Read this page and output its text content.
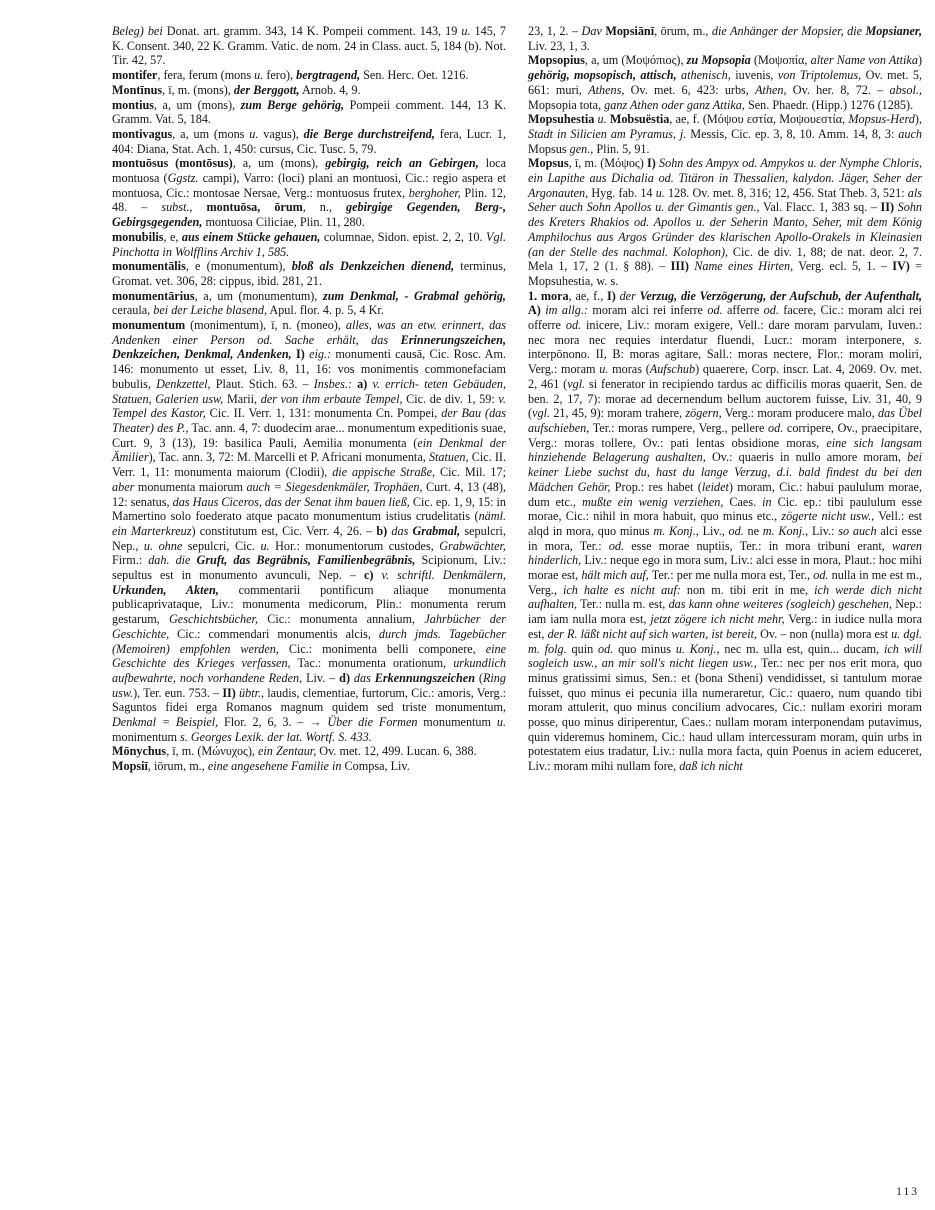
Beleg) bei Donat. art. gramm. 343, 14 K. Pompeii comment. 143, 19 u. 145, 7 K. Consent. 340, 22 K. Gramm. Vatic. de nom. 24 in Class. auct. 5, 184 (b). Not. Tir. 42, 57.

montifer, fera, ferum (mons u. fero), bergtragend, Sen. Herc. Oet. 1216.

Montīnus, ī, m. (mons), der Berggott, Arnob. 4, 9.

montius, a, um (mons), zum Berge gehörig, Pompeii comment. 144, 13 K. Gramm. Vat. 5, 184.

montivagus, a, um (mons u. vagus), die Berge durchstreifend, fera, Lucr. 1, 404: Diana, Stat. Ach. 1, 450: cursus, Cic. Tusc. 5, 79.

montuōsus (montōsus), a, um (mons), gebirgig, reich an Gebirgen, loca montuosa (Ggstz. campi), Varro: (loci) plani an montuosi, Cic.: regio aspera et montuosa, Cic.: montosae Nersae, Verg.: montuosus frutex, berghoher, Plin. 12, 48. – subst., montuōsa, ōrum, n., gebirgige Gegenden, Berg-, Gebirgsgegenden, montuosa Ciliciae, Plin. 11, 280.

monubilis, e, aus einem Stücke gehauen, columnae, Sidon. epist. 2, 2, 10. Vgl. Pinchotta in Wolfflins Archiv 1, 585.

monumentālis, e (monumentum), bloß als Denkzeichen dienend, terminus, Gromat. vet. 306, 28: cippus, ibid. 281, 21.

monumentārius, a, um (monumentum), zum Denkmal, - Grabmal gehörig, ceraula, bei der Leiche blasend, Apul. flor. 4. p. 5, 4 Kr.

monumentum (monimentum), ī, n. (moneo), alles, was an etw. erinnert, das Andenken einer Person od. Sache erhält, das Erinnerungszeichen, Denkzeichen, Denkmal, Andenken, I) eig.: monumenti causā, Cic. Rosc. Am. 146: monumento ut esset, Liv. 8, 11, 16: vos monimentis commonefaciam bubulis, Denkzettel, Plaut. Stich. 63. – Insbes.: a) v. errich- teten Gebäuden, Statuen, Galerien usw, Marii, der von ihm erbaute Tempel, Cic. de div. 1, 59: v. Tempel des Kastor, Cic. II. Verr. 1, 131: monumenta Cn. Pompei, der Bau (das Theater) des P., Tac. ann. 4, 7: duodecim arae... monumentum expeditionis suae, Curt. 9, 3 (13), 19: basilica Pauli, Aemilia monumenta (ein Denkmal der Ämilier), Tac. ann. 3, 72: M. Marcelli et P. Africani monumenta, Statuen, Cic. II. Verr. 1, 11: monumenta maiorum (Clodii), die appische Straße, Cic. Mil. 17; aber monumenta maiorum auch = Siegesdenkmäler, Trophäen, Curt. 4, 13 (48), 12: senatus, das Haus Ciceros, das der Senat ihm bauen ließ, Cic. ep. 1, 9, 15: in Mamertino solo foederato atque pacato monumentum istius crudelitatis (näml. ein Marterkreuz) constitutum est, Cic. Verr. 4, 26. – b) das Grabmal, sepulcri, Nep., u. ohne sepulcri, Cic. u. Hor.: monumentorum custodes, Grabwächter, Firm.: dah. die Gruft, das Begräbnis, Familienbegräbnis, Scipionum, Liv.: sepultus est in monumento avunculi, Nep. – c) v. schriftl. Denkmälern, Urkunden, Akten, commentarii pontificum aliaque monumenta publicaprivataque, Liv.: monumenta medicorum, Plin.: monumenta rerum gestarum, Geschichtsbücher, Cic.: monumenta annalium, Jahrbücher der Geschichte, Cic.: commendari monumentis alcis, durch jmds. Tagebücher (Memoiren) empfohlen werden, Cic.: monimenta belli componere, eine Geschichte des Krieges verfassen, Tac.: monumenta orationum, urkundlich aufbewahrte, noch vorhandene Reden, Liv. – d) das Erkennungszeichen (Ring usw.), Ter. eun. 753. – II) übtr., laudis, clementiae, furtorum, Cic.: amoris, Verg.: Saguntos fidei erga Romanos magnum quidem sed triste monumentum, Denkmal = Beispiel, Flor. 2, 6, 3. – → Über die Formen monumentum u. monimentum s. Georges Lexik. der lat. Wortf. S. 433.

Mōnychus, ī, m. (Μώνυχος), ein Zentaur, Ov. met. 12, 499. Lucan. 6, 388.

Mopsiī, iōrum, m., eine angesehene Familie in Compsa, Liv.

23, 1, 2. – Dav Mopsiānī, ōrum, m., die Anhänger der Mopsier, die Mopsianer, Liv. 23, 1, 3.

Mopsopius, a, um (Μοψόπιος), zu Mopsopia (Μοψοπία, alter Name von Attika) gehörig, mopsopisch, attisch, athenisch, iuvenis, von Triptolemus, Ov. met. 5, 661: muri, Athens, Ov. met. 6, 423: urbs, Athen, Ov. her. 8, 72. – absol., Mopsopia tota, ganz Athen oder ganz Attika, Sen. Phaedr. (Hipp.) 1276 (1285).

Mopsuhestia u. Mobsuëstia, ae, f. (Μόψου εστία, Μοψουεστία, Mopsus-Herd), Stadt in Silicien am Pyramus, j. Messis, Cic. ep. 3, 8, 10. Amm. 14, 8, 3: auch Mopsus gen., Plin. 5, 91.

Mopsus, ī, m. (Μόψος) I) Sohn des Ampyx od. Ampykos u. der Nymphe Chloris, ein Lapithe aus Dichalia od. Titäron in Thessalien, kalydon. Jäger, Seher der Argonauten, Hyg. fab. 14 u. 128. Ov. met. 8, 316; 12, 456. Stat Theb. 3, 521: als Seher auch Sohn Apollos u. der Gimantis gen., Val. Flacc. 1, 383 sq. – II) Sohn des Kreters Rhakios od. Apollos u. der Seherin Manto, Seher, mit dem König Amphilochus aus Argos Gründer des klarischen Apollo-Orakels in Kleinasien (an der Stelle des nachmal. Kolophon), Cic. de div. 1, 88; de nat. deor. 2, 7. Mela 1, 17, 2 (1. § 88). – III) Name eines Hirten, Verg. ecl. 5, 1. – IV) = Mopsuhestia, w. s.

1. mora, ae, f., I) der Verzug, die Verzögerung, der Aufschub, der Aufenthalt, A) im allg.: moram alci rei inferre od. afferre od. facere, Cic.: moram alci rei offerre od. inicere, Liv.: moram exigere, Vell.: dare moram parvulam, Iuven.: nec mora nec requies interdatur fluendi, Lucr.: moram interponere, s. interpōnono. II, B: moras agitare, Sall.: moras nectere, Flor.: moram moliri, Verg.: moram u. moras (Aufschub) quaerere, Corp. inscr. Lat. 4, 2069. Ov. met. 2, 461 (vgl. si fenerator in recipiendo tardus ac difficilis moras quaerit, Sen. de ben. 2, 17, 7): morae ad decernendum bellum auctorem fuisse, Liv. 31, 40, 9 (vgl. 21, 45, 9): moram trahere, zögern, Verg.: moram producere malo, das Übel aufschieben, Ter.: moras rumpere, Verg., pellere od. corripere, Ov., praecipitare, Verg.: moras tollere, Ov.: pati lentas obsidione moras, eine sich langsam hinziehende Belagerung aushalten, Ov.: quaeris in nullo amore moram, bei keiner Liebe suchst du, hast du lange Verzug, d.i. bald findest du bei den Mädchen Gehör, Prop.: res habet (leidet) moram, Cic.: habui paululum morae, dum etc., mußte ein wenig verziehen, Caes. in Cic. ep.: tibi paululum esse morae, Cic.: nihil in mora habuit, quo minus etc., zögerte nicht usw., Vell.: est alqd in mora, quo minus m. Konj., Liv., od. ne m. Konj., Liv.: so auch alci esse in mora, Ter.: od. esse morae nuptiis, Ter.: in mora tribuni erant, waren hinderlich, Liv.: neque ego in mora sum, Liv.: alci esse in mora, Plaut.: hoc mihi morae est, hält mich auf, Ter.: per me nulla mora est, Ter., od. nulla in me est m., Verg., ich halte es nicht auf: non m. tibi erit in me, ich werde dich nicht aufhalten, Ter.: nulla m. est, das kann ohne weiteres (sogleich) geschehen, Nep.: iam iam nulla mora est, jetzt zögere ich nicht mehr, Verg.: in iudice nulla mora est, der R. läßt nicht auf sich warten, ist bereit, Ov. – non (nulla) mora est u. dgl. m. folg. quin od. quo minus u. Konj., nec m. ulla est, quin... ducam, ich will sogleich usw., an mir soll's nicht liegen usw., Ter.: nec per nos erit mora, quo minus gratissimi simus, Sen.: et (bona Stheni) vendidisset, si tantulum morae fuisset, quo minus ei pecunia illa numeraretur, Cic.: quaero, num quando tibi moram attulerit, quo minus concilium advocares, Cic.: nullam exoriri moram posse, quo minus diriperentur, Caes.: nullam moram interponendam putavimus, quin videremus hominem, Cic.: haud ullam intercessuram moram, quin urbs in potestatem eius tradatur, Liv.: nulla mora facta, quin Poenus in aciem educeret, Liv.: moram mihi nullam fore, daß ich nicht

113
